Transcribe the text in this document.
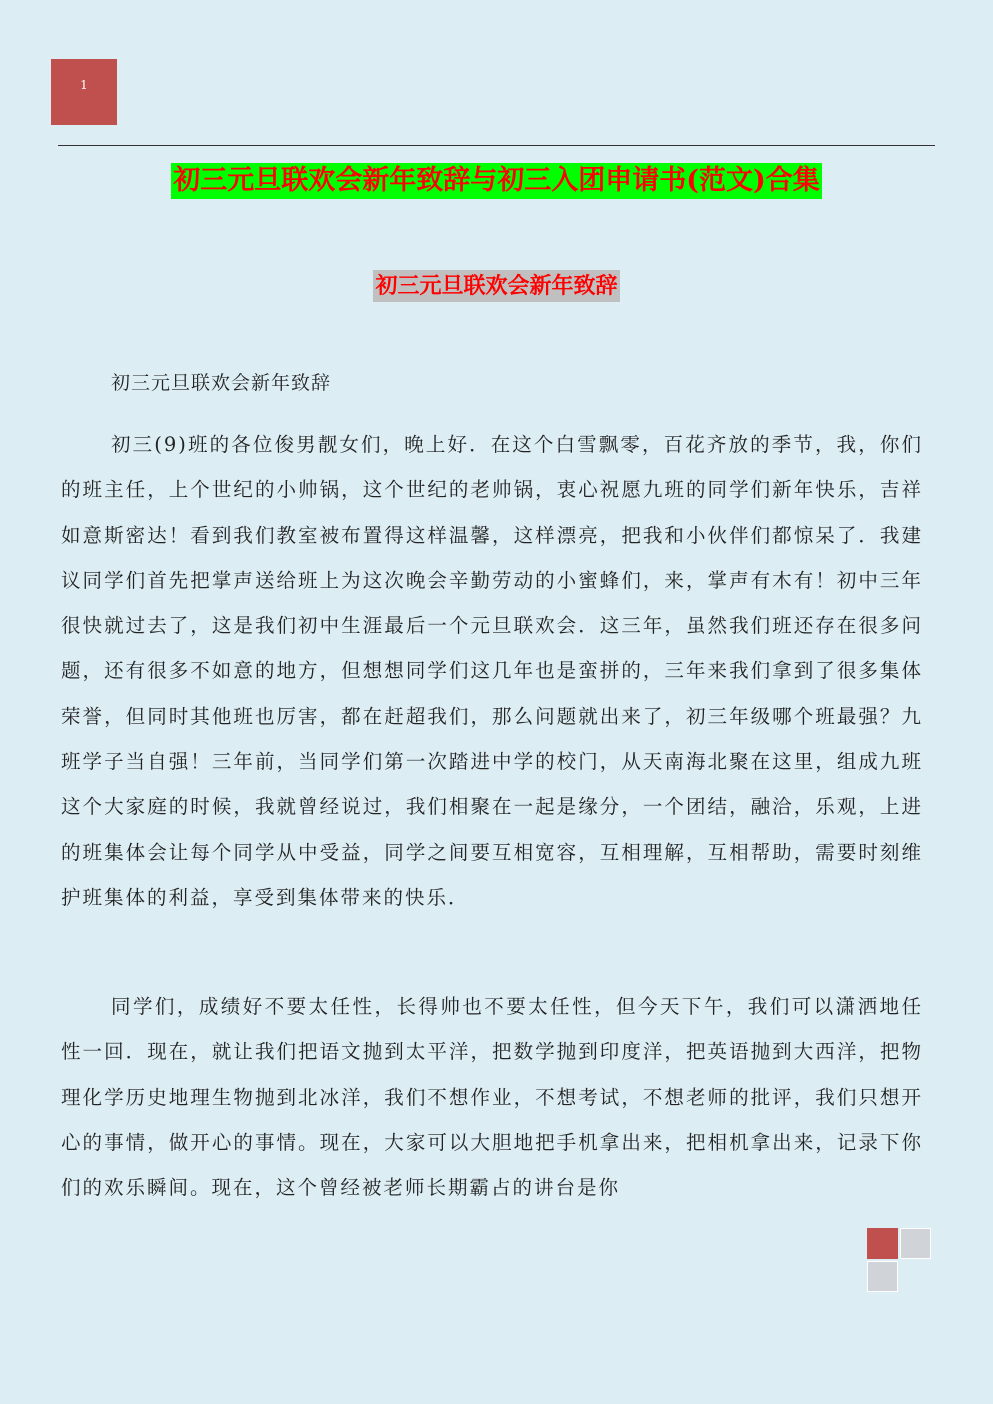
1
初三元旦联欢会新年致辞与初三入团申请书(范文)合集
初三元旦联欢会新年致辞
初三元旦联欢会新年致辞

初三(9)班的各位俊男靓女们，晚上好．在这个白雪飘零，百花齐放的季节，我，你们的班主任，上个世纪的小帅锅，这个世纪的老帅锅，衷心祝愿九班的同学们新年快乐，吉祥如意斯密达！看到我们教室被布置得这样温馨，这样漂亮，把我和小伙伴们都惊呆了．我建议同学们首先把掌声送给班上为这次晚会辛勤劳动的小蜜蜂们，来，掌声有木有！初中三年很快就过去了，这是我们初中生涯最后一个元旦联欢会．这三年，虽然我们班还存在很多问题，还有很多不如意的地方，但想想同学们这几年也是蛮拼的，三年来我们拿到了很多集体荣誉，但同时其他班也厉害，都在赶超我们，那么问题就出来了，初三年级哪个班最强？九班学子当自强！三年前，当同学们第一次踏进中学的校门，从天南海北聚在这里，组成九班这个大家庭的时候，我就曾经说过，我们相聚在一起是缘分，一个团结，融洽，乐观，上进的班集体会让每个同学从中受益，同学之间要互相宽容，互相理解，互相帮助，需要时刻维护班集体的利益，享受到集体带来的快乐．

同学们，成绩好不要太任性，长得帅也不要太任性，但今天下午，我们可以潇洒地任性一回．现在，就让我们把语文抛到太平洋，把数学抛到印度洋，把英语抛到大西洋，把物理化学历史地理生物抛到北冰洋，我们不想作业，不想考试，不想老师的批评，我们只想开心的事情，做开心的事情。现在，大家可以大胆地把手机拿出来，把相机拿出来，记录下你们的欢乐瞬间。现在，这个曾经被老师长期霸占的讲台是你
